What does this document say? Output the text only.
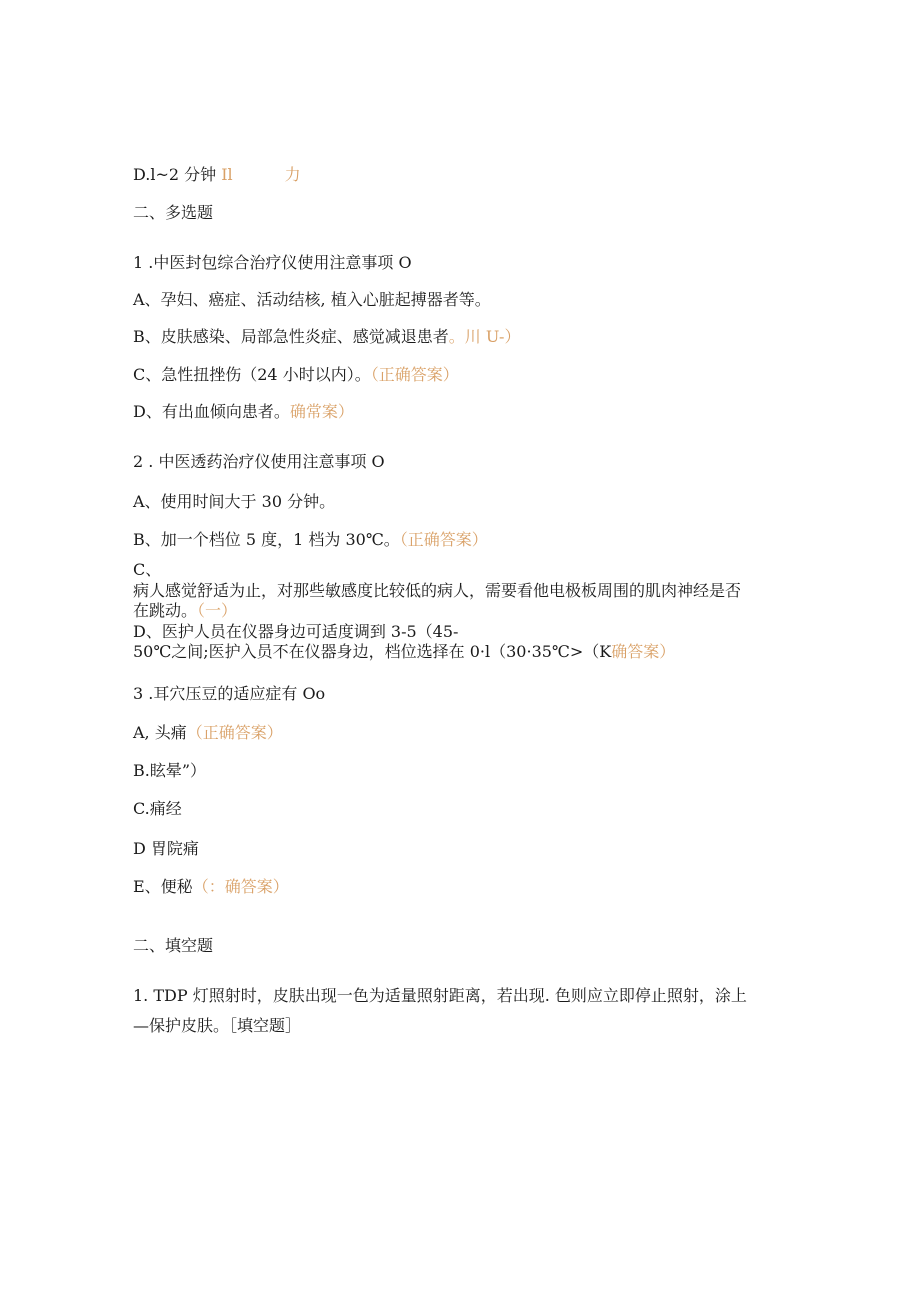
D.l~2 分钟 Il	力
二、多选题
1 .中医封包综合治疗仪使用注意事项 O
A、孕妇、癌症、活动结核, 植入心脏起搏器者等。
B、皮肤感染、局部急性炎症、感觉减退患者。川 U-）
C、急性扭挫伤（24 小时以内）。（正确答案）
D、有出血倾向患者。确常案）
2 . 中医透药治疗仪使用注意事项 O
A、使用时间大于 30 分钟。
B、加一个档位 5 度，1 档为 30℃。（正确答案）
C、
病人感觉舒适为止，对那些敏感度比较低的病人，需要看他电极板周围的肌肉神经是否
在跳动。（一）
D、医护人员在仪器身边可适度调到 3-5（45-
50℃之间;医护入员不在仪器身边，档位选择在 0·l（30·35℃>（K确答案）
3 .耳穴压豆的适应症有 Oo
A, 头痛（正确答案）
B.眩晕”）
C.痛经
D 胃院痛
E、便秘（：确答案）
二、填空题
1. TDP 灯照射时，皮肤出现一色为适量照射距离，若出现. 色则应立即停止照射，涂上
—保护皮肤。［填空题］
